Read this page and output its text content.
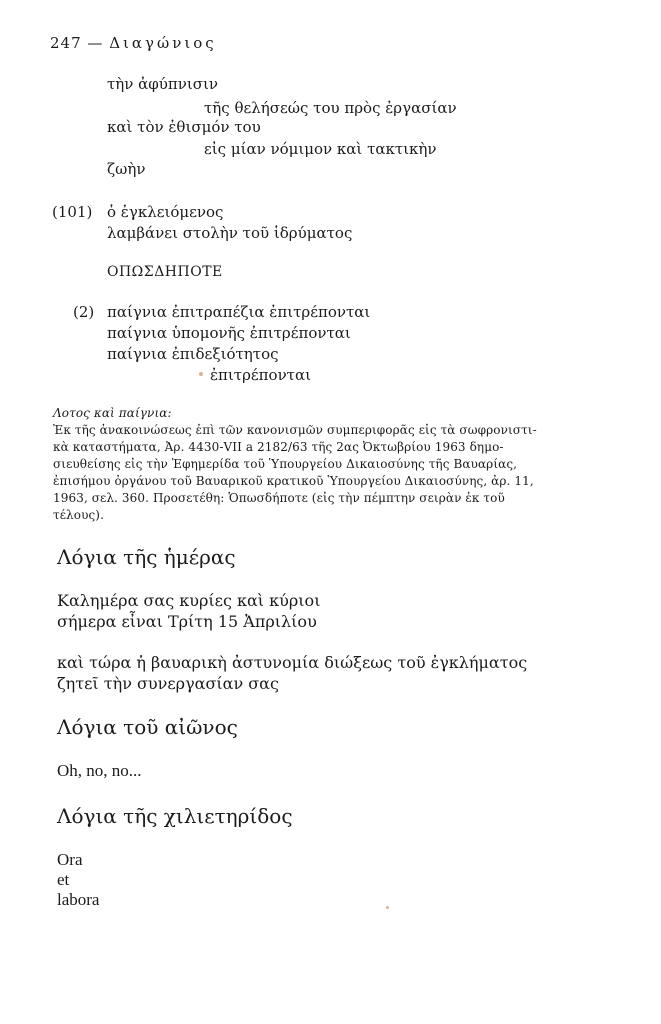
247 — Διαγώνιος
τὴν ἀφύπνισιν
τῆς θελήσεώς του πρὸς ἐργασίαν
καὶ τὸν ἐθισμόν του
εἰς μίαν νόμιμον καὶ τακτικὴν
ζωὴν
(101) ὁ ἐγκλειόμενος
λαμβάνει στολὴν τοῦ ἱδρύματος
ΟΠΩΣΔΗΠΟΤΕ
(2) παίγνια ἐπιτραπέζια ἐπιτρέπονται
παίγνια ὑπομονῆς ἐπιτρέπονται
παίγνια ἐπιδεξιότητος
ἐπιτρέπονται
Λοτος καὶ παίγνια:
Ἐκ τῆς ἀνακοινώσεως ἐπὶ τῶν κανονισμῶν συμπεριφορᾶς εἰς τὰ σωφρονιστι-
κὰ καταστήματα, Ἀρ. 4430-VII a 2182/63 τῆς 2ας Ὀκτωβρίου 1963 δημο-
σιευθείσης εἰς τὴν Ἐφημερίδα τοῦ Ὑπουργείου Δικαιοσύνης τῆς Βαυαρίας,
ἐπισήμου ὀργάνου τοῦ Βαυαρικοῦ κρατικοῦ Ὑπουργείου Δικαιοσύνης, ἀρ. 11,
1963, σελ. 360. Προσετέθη: Ὁπωσδήποτε (εἰς τὴν πέμπτην σειρὰν ἐκ τοῦ
τέλους).
Λόγια τῆς ἡμέρας
Καλημέρα σας κυρίες καὶ κύριοι
σήμερα εἶναι Τρίτη 15 Ἀπριλίου
καὶ τώρα ἡ βαυαρικὴ ἀστυνομία διώξεως τοῦ ἐγκλήματος
ζητεῖ τὴν συνεργασίαν σας
Λόγια τοῦ αἰῶνος
Oh, no, no...
Λόγια τῆς χιλιετηρίδος
Ora
et
labora
